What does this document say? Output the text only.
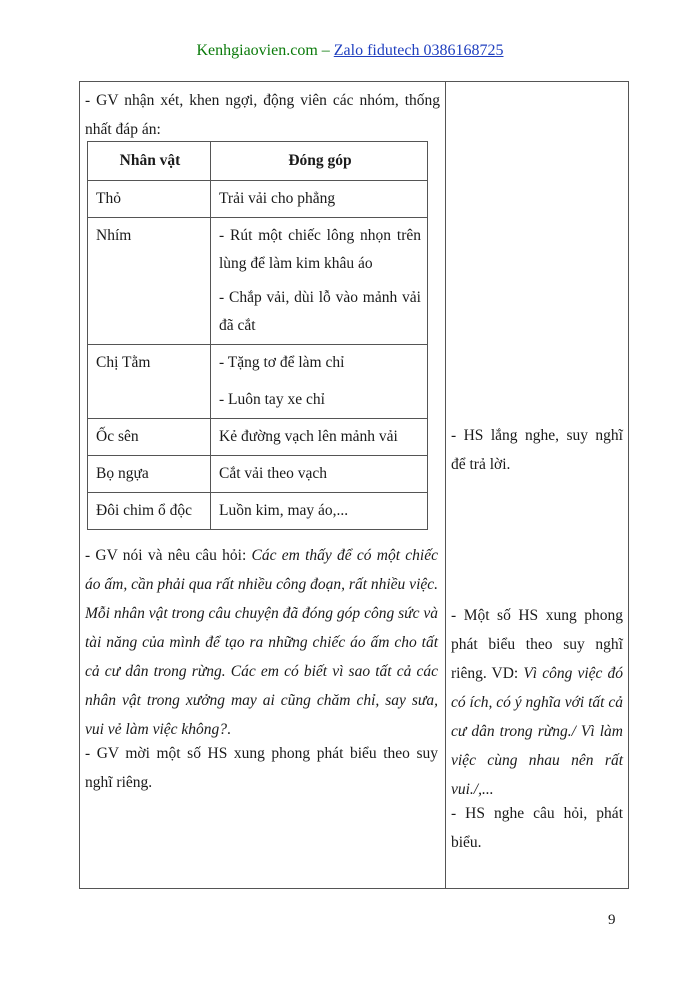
Kenhgiaovien.com – Zalo fidutech 0386168725

- GV nhận xét, khen ngợi, động viên các nhóm, thống nhất đáp án:

Nhân vật	Đóng góp
Thỏ	Trải vải cho phẳng

Nhím	- Rút một chiếc lông nhọn trên lùng để làm kim khâu áo

- Chắp vải, dùi lỗ vào mảnh vải đã cắt

Chị Tằm	- Tặng tơ để làm chỉ

- Luôn tay xe chỉ

Ốc sên	Kẻ đường vạch lên mảnh vải

Bọ ngựa	Cắt vải theo vạch

Đôi chim ổ độc	Luồn kim, may áo,...

- GV nói và nêu câu hỏi: Các em thấy để có một chiếc áo ấm, cần phải qua rất nhiều công đoạn, rất nhiều việc. Mỗi nhân vật trong câu chuyện đã đóng góp công sức và tài năng của mình để tạo ra những chiếc áo ấm cho tất cả cư dân trong rừng. Các em có biết vì sao tất cả các nhân vật trong xưởng may ai cũng chăm chỉ, say sưa, vui vẻ làm việc không?.

- GV mời một số HS xung phong phát biểu theo suy nghĩ riêng.

- HS lắng nghe, suy nghĩ để trả lời.

- Một số HS xung phong phát biểu theo suy nghĩ riêng. VD: Vì công việc đó có ích, có ý nghĩa với tất cả cư dân trong rừng./ Vì làm việc cùng nhau nên rất vui./,...

- HS nghe câu hỏi, phát biểu.

9
